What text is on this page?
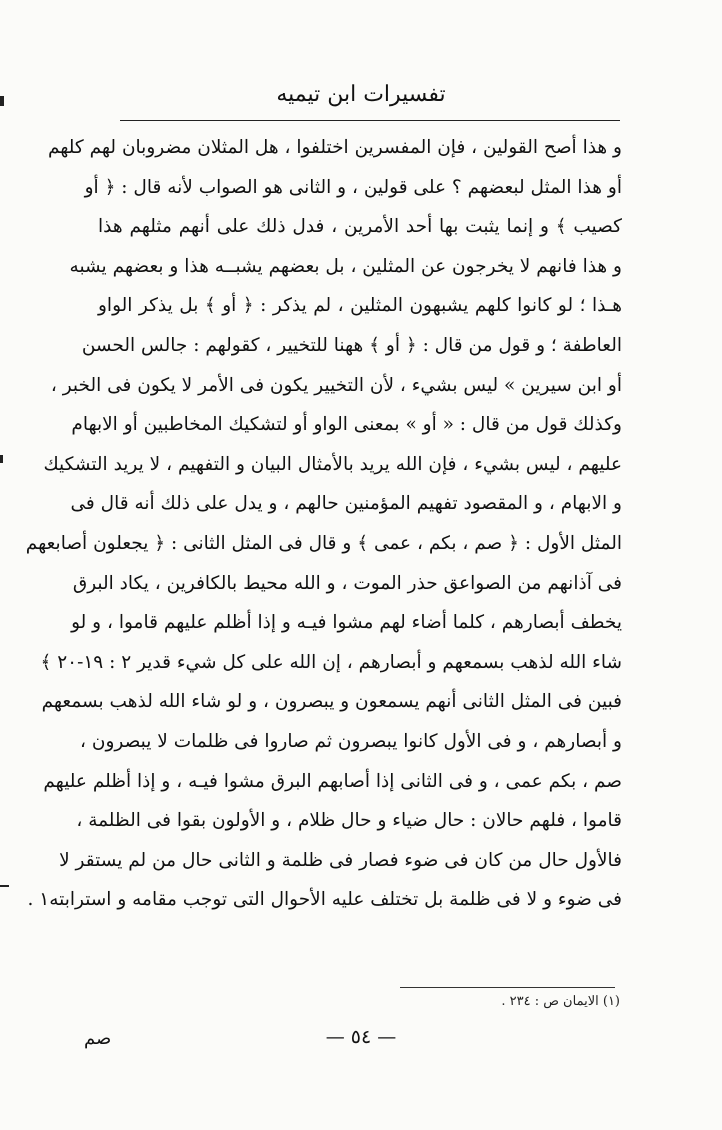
تفسيرات ابن تيميه
و هذا أصح القولين ، فإن المفسرين اختلفوا ، هل المثلان مضروبان لهم كلهم
أو هذا المثل لبعضهم ؟ على قولين ، و الثانى هو الصواب لأنه قال : ﴿ أو
كصيب ﴾ و إنما يثبت بها أحد الأمرين ، فدل ذلك على أنهم مثلهم هذا
و هذا فانهم لا يخرجون عن المثلين ، بل بعضهم يشبــه هذا و بعضهم يشبه
هـذا ؛ لو كانوا كلهم يشبهون المثلين ، لم يذكر : ﴿ أو ﴾ بل يذكر الواو
العاطفة ؛ و قول من قال : ﴿ أو ﴾ ههنا للتخيير ، كقولهم : جالس الحسن
أو ابن سيرين » ليس بشيء ، لأن التخيير يكون فى الأمر لا يكون فى الخبر ،
وكذلك قول من قال : « أو » بمعنى الواو أو لتشكيك المخاطبين أو الابهام
عليهم ، ليس بشيء ، فإن الله يريد بالأمثال البيان و التفهيم ، لا يريد التشكيك
و الابهام ، و المقصود تفهيم المؤمنين حالهم ، و يدل على ذلك أنه قال فى
المثل الأول : ﴿ صم ، بكم ، عمى ﴾ و قال فى المثل الثانى : ﴿ يجعلون أصابعهم
فى آذانهم من الصواعق حذر الموت ، و الله محيط بالكافرين ، يكاد البرق
يخطف أبصارهم ، كلما أضاء لهم مشوا فيـه و إذا أظلم عليهم قاموا ، و لو
شاء الله لذهب بسمعهم و أبصارهم ، إن الله على كل شيء قدير ٢ : ١٩-٢٠ ﴾
فبين فى المثل الثانى أنهم يسمعون و يبصرون ، و لو شاء الله لذهب بسمعهم
و أبصارهم ، و فى الأول كانوا يبصرون ثم صاروا فى ظلمات لا يبصرون ،
صم ، بكم عمى ، و فى الثانى إذا أصابهم البرق مشوا فيـه ، و إذا أظلم عليهم
قاموا ، فلهم حالان : حال ضياء و حال ظلام ، و الأولون بقوا فى الظلمة ،
فالأول حال من كان فى ضوء فصار فى ظلمة و الثانى حال من لم يستقر لا
فى ضوء و لا فى ظلمة بل تختلف عليه الأحوال التى توجب مقامه و استرابته١ .
(١) الايمان ص : ٢٣٤ .
— ٥٤ —
صم
